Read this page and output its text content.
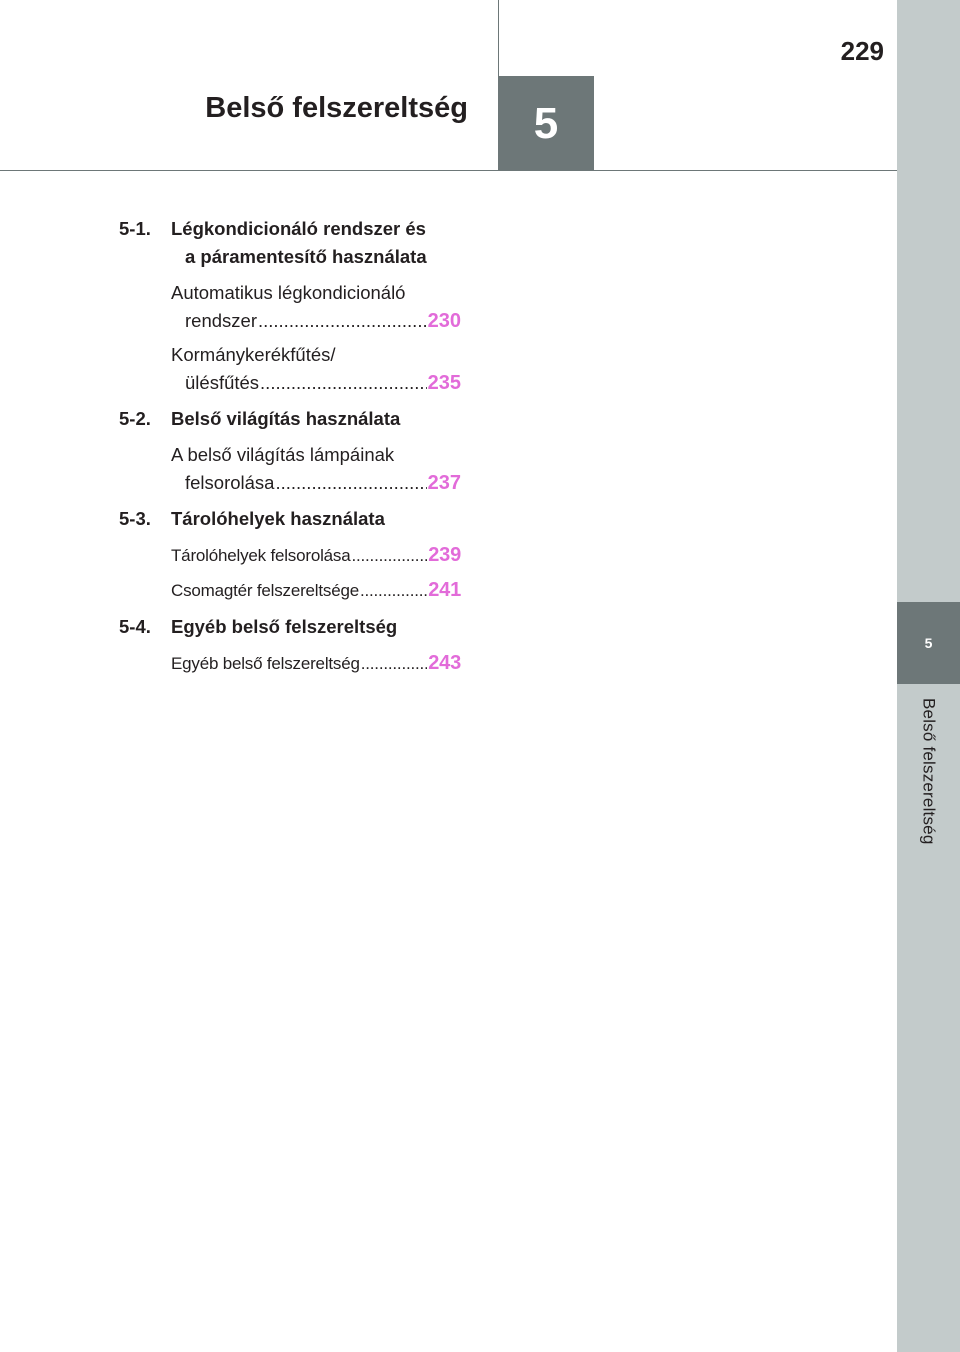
5
Belső felszereltség
5
Belső felszereltség
229
5-1.	Légkondicionáló rendszer és
a páramentesítő használata
Automatikus légkondicionáló
rendszer .....	230
Kormánykerékfűtés/
ülésfűtés .....	235
5-2.	Belső világítás használata
A belső világítás lámpáinak
felsorolása .....	237
5-3.	Tárolóhelyek használata
Tárolóhelyek felsorolása .....	239
Csomagtér felszereltsége .....	241
5-4.	Egyéb belső felszereltség
Egyéb belső felszereltség .....	243
